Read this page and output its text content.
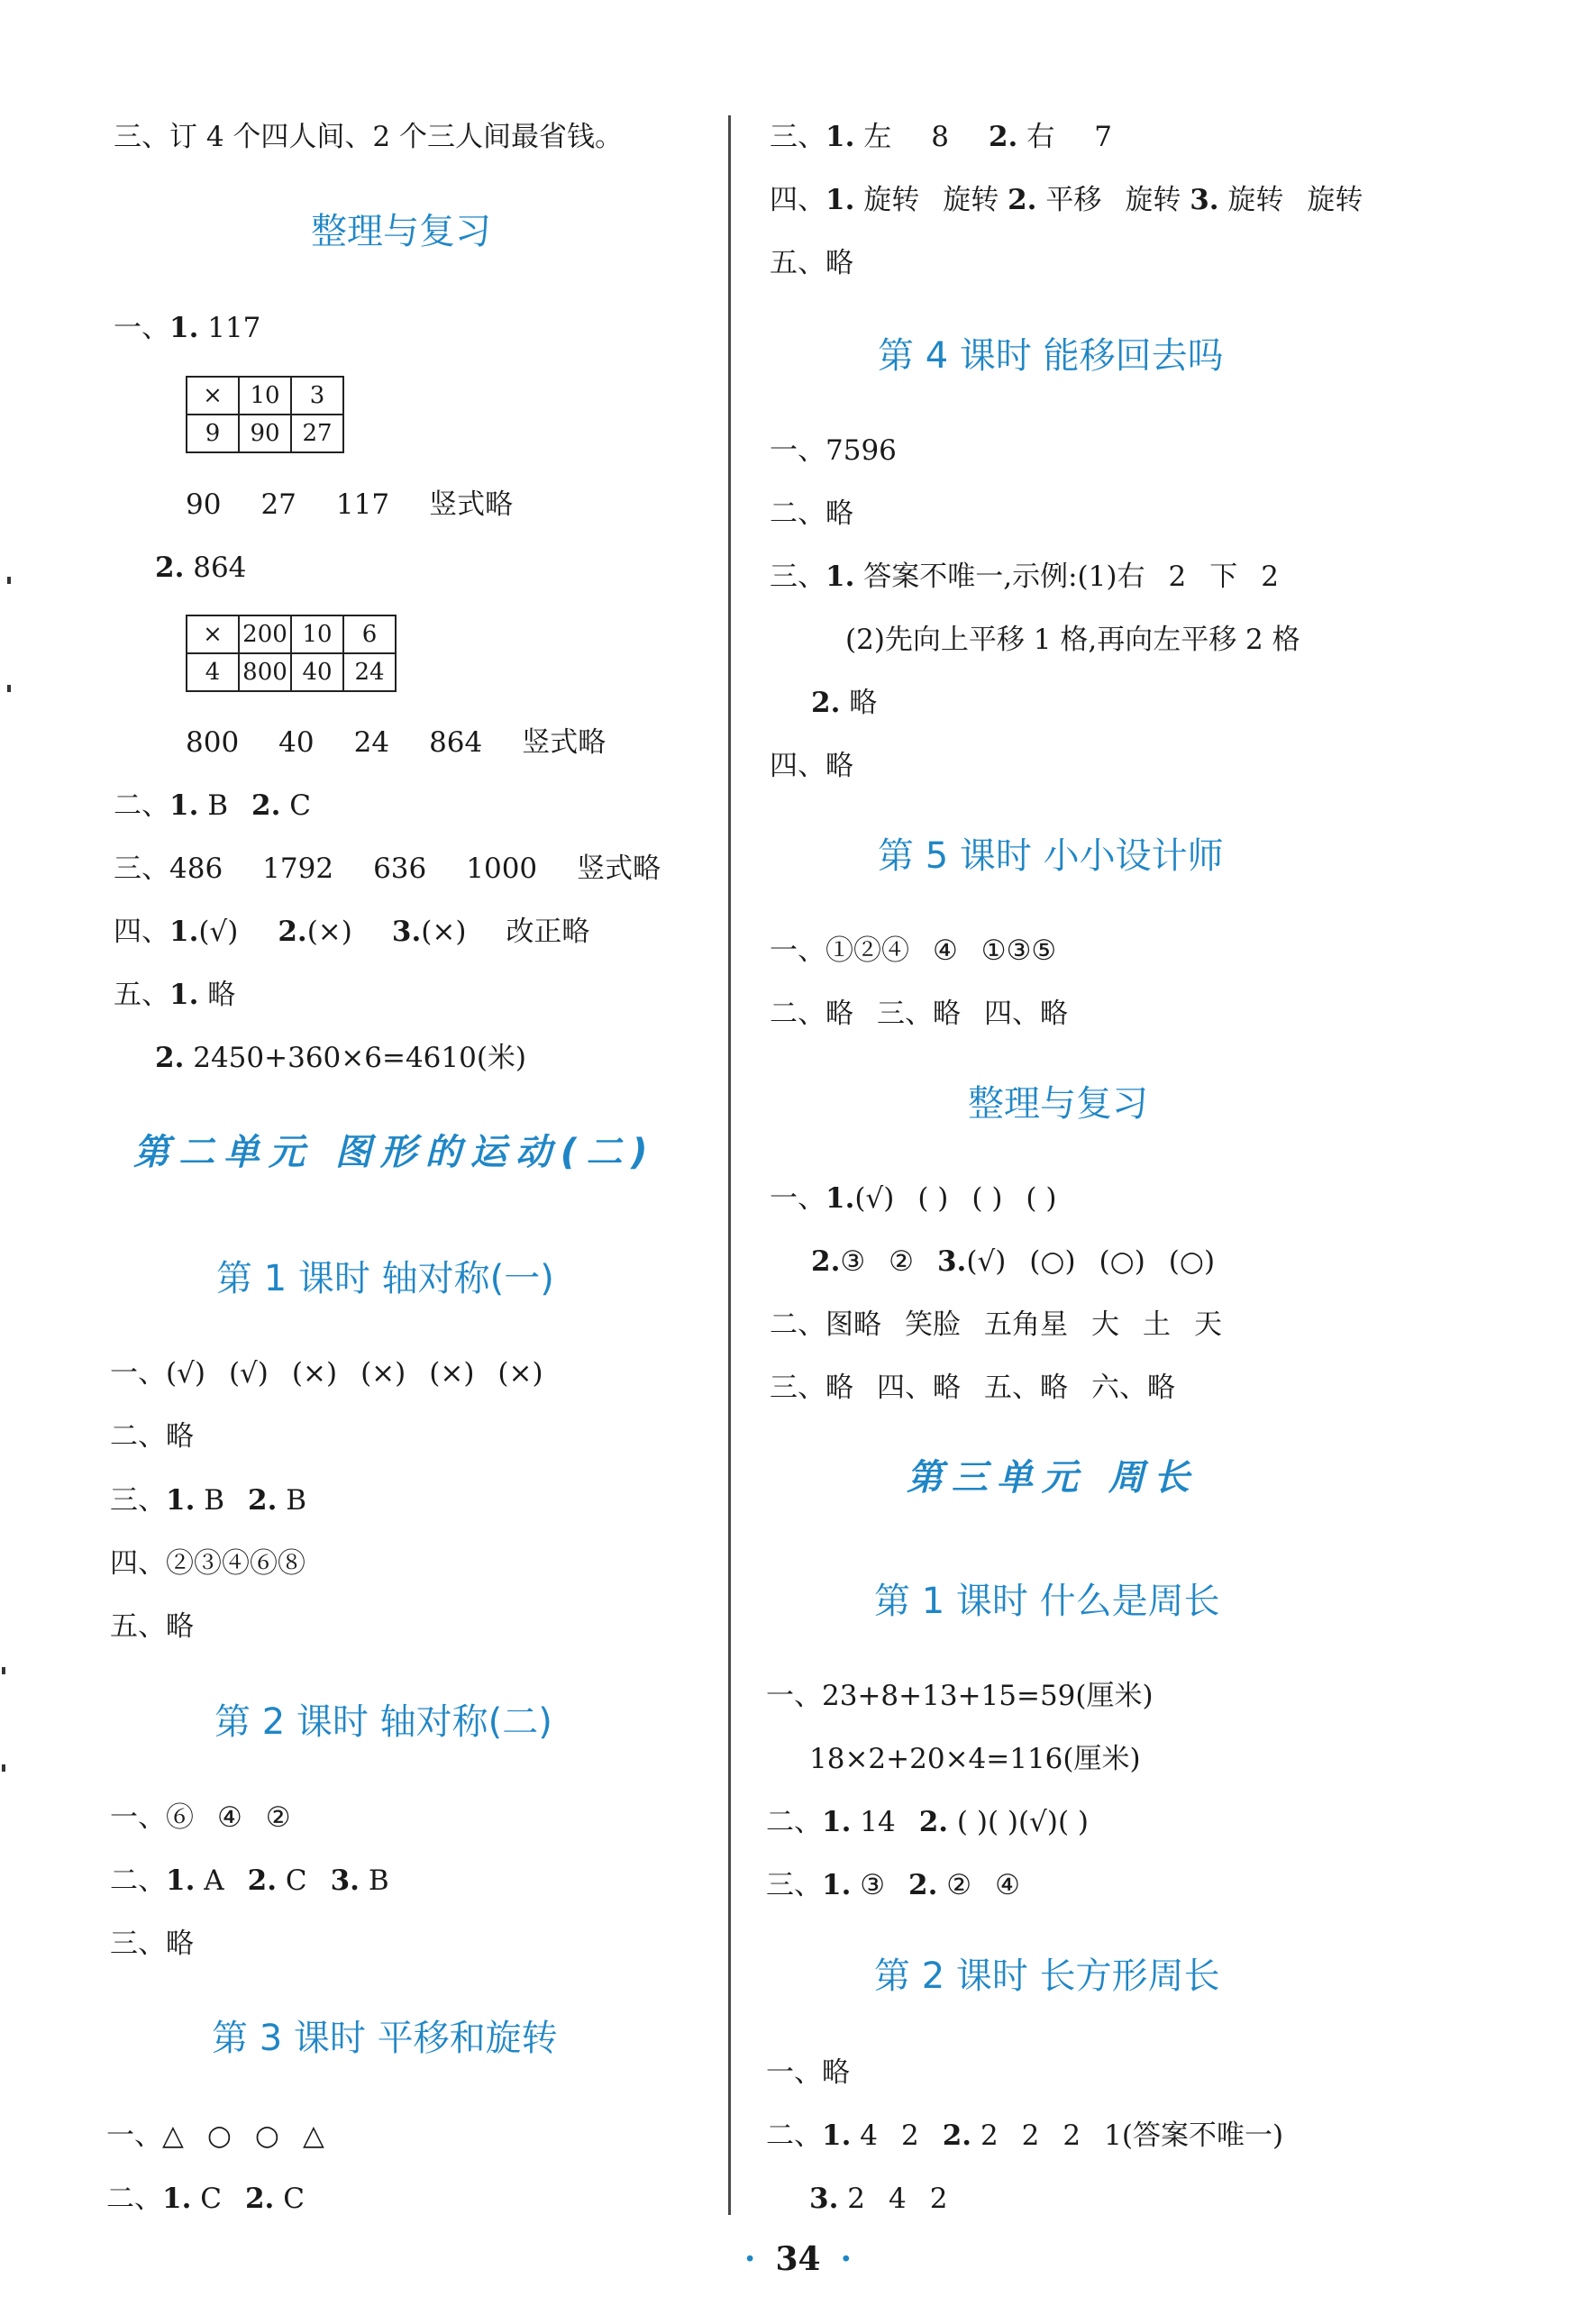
三、订 4 个四人间、2 个三人间最省钱。
整理与复习
一、1. 117
×	10	3
9	90	27
90 27 117 竖式略
2. 864
×	200	10	6
4	800	40	24
800 40 24 864 竖式略
二、1. B 2. C
三、486 1792 636 1000 竖式略
四、1.(√) 2.(×) 3.(×) 改正略
五、1. 略
2. 2450+360×6=4610(米)
第二单元 图形的运动(二)
第 1 课时 轴对称(一)
一、(√) (√) (×) (×) (×) (×)
二、略
三、1. B 2. B
四、②③④⑥⑧
五、略
第 2 课时 轴对称(二)
一、⑥ ④ ②
二、1. A 2. C 3. B
三、略
第 3 课时 平移和旋转
一、△ ○ ○ △
二、1. C 2. C
三、1. 左 8 2. 右 7
四、1. 旋转 旋转 2. 平移 旋转 3. 旋转 旋转
五、略
第 4 课时 能移回去吗
一、7596
二、略
三、1. 答案不唯一,示例:(1)右 2 下 2
(2)先向上平移 1 格,再向左平移 2 格
2. 略
四、略
第 5 课时 小小设计师
一、①②④ ④ ①③⑤
二、略 三、略 四、略
整理与复习
一、1.(√) ( ) ( ) ( )
2.③ ② 3.(√) (○) (○) (○)
二、图略 笑脸 五角星 大 土 天
三、略 四、略 五、略 六、略
第三单元 周长
第 1 课时 什么是周长
一、23+8+13+15=59(厘米)
18×2+20×4=116(厘米)
二、1. 14 2. ( )( )(√)( )
三、1. ③ 2. ② ④
第 2 课时 长方形周长
一、略
二、1. 4 2 2. 2 2 2 1(答案不唯一)
3. 2 4 2
· 34 ·
